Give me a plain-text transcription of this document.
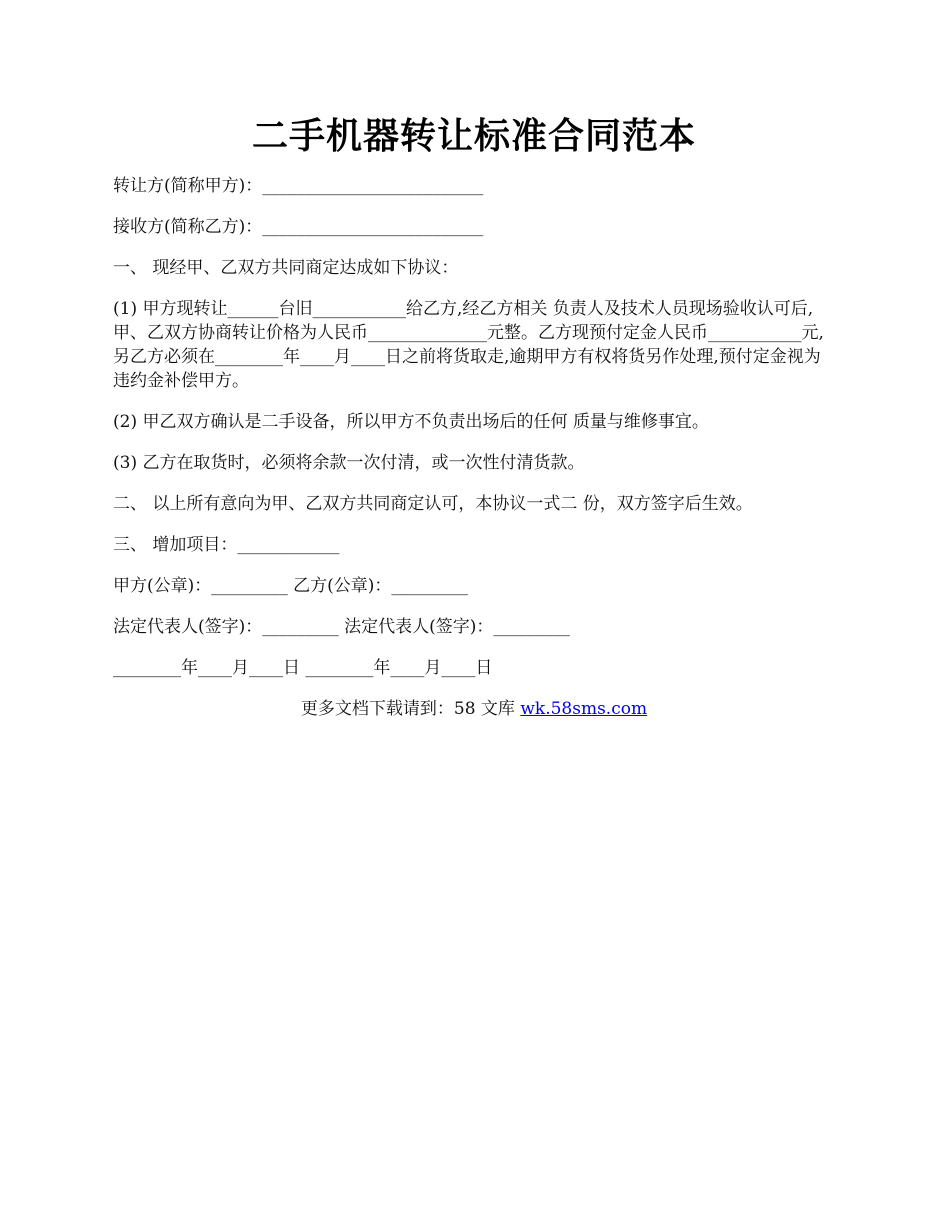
二手机器转让标准合同范本

转让方(简称甲方)：__________________________

接收方(简称乙方)：__________________________

一、 现经甲、乙双方共同商定达成如下协议：

(1) 甲方现转让______台旧___________给乙方,经乙方相关 负责人及技术人员现场验收认可后,甲、乙双方协商转让价格为人民币______________元整。乙方现预付定金人民币___________元,另乙方必须在________年____月____日之前将货取走,逾期甲方有权将货另作处理,预付定金视为违约金补偿甲方。

(2) 甲乙双方确认是二手设备，所以甲方不负责出场后的任何 质量与维修事宜。

(3) 乙方在取货时，必须将余款一次付清，或一次性付清货款。

二、 以上所有意向为甲、乙双方共同商定认可，本协议一式二 份，双方签字后生效。

三、 增加项目：____________

甲方(公章)：_________ 乙方(公章)：_________

法定代表人(签字)：_________ 法定代表人(签字)：_________

________年____月____日 ________年____月____日

更多文档下载请到：58 文库 wk.58sms.com
